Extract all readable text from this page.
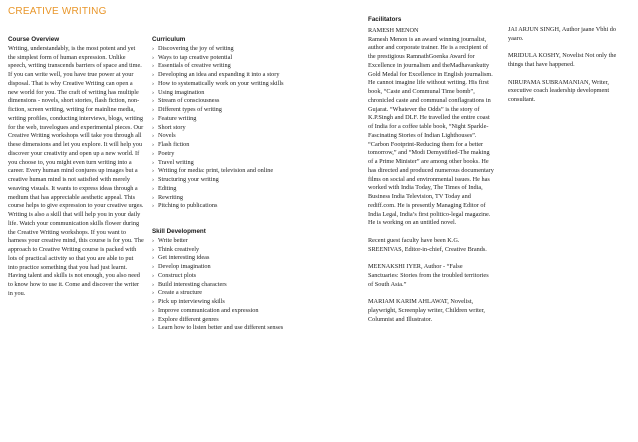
CREATIVE WRITING
Course Overview

Writing, understandably, is the most potent and yet the simplest form of human expression. Unlike speech, writing transcends barriers of space and time. If you can write well, you have true power at your disposal. That is why Creative Writing can open a new world for you. The craft of writing has multiple dimensions - novels, short stories, flash fiction, non-fiction, screen writing, writing for mainline media, writing profiles, conducting interviews, blogs, writing for the web, travelogues and experimental pieces. Our Creative Writing workshops will take you through all these dimensions and let you explore. It will help you discover your creativity and open up a new world. If you choose to, you might even turn writing into a career. Every human mind conjures up images but a creative human mind is not satisfied with merely weaving visuals. It wants to express ideas through a medium that has appreciable aesthetic appeal. This course helps to give expression to your creative urges. Writing is also a skill that will help you in your daily life. Watch your communication skills flower during the Creative Writing workshops. If you want to harness your creative mind, this course is for you. The approach to Creative Writing course is packed with lots of practical activity so that you are able to put into practice something that you had just learnt. Having talent and skills is not enough, you also need to know how to use it. Come and discover the writer in you.

Curriculum
› Discovering the joy of writing
› Ways to tap creative potential
› Essentials of creative writing
› Developing an idea and expanding it into a story
› How to systematically work on your writing skills
› Using imagination
› Stream of consciousness
› Different types of writing
› Feature writing
› Short story
› Novels
› Flash fiction
› Poetry
› Travel writing
› Writing for media: print, television and online
› Structuring your writing
› Editing
› Rewriting
› Pitching to publications
Skill Development
› Write better
› Think creatively
› Get interesting ideas
› Develop imagination
› Construct plots
› Build interesting characters
› Create a structure
› Pick up interviewing skills
› Improve communication and expression
› Explore different genres
› Learn how to listen better and use different senses
Facilitators
RAMESH MENON

Ramesh Menon is an award winning journalist, author and corporate trainer. He is a recipient of the prestigious RamnathGoenka Award for Excellence in journalism and theMadhavankutty Gold Medal for Excellence in English journalism. He cannot imagine life without writing. His first book, “Caste and Communal Time bomb”, chronicled caste and communal conflagrations in Gujarat. “Whatever the Odds” is the story of K.P.Singh and DLF. He travelled the entire coast of India for a coffee table book, “Night Sparkle-Fascinating Stories of Indian Lighthouses”. “Carbon Footprint-Reducing them for a better tomorrow,” and “Modi Demystified-The making of a Prime Minister” are among other books. He has directed and produced numerous documentary films on social and environmental issues. He has worked with India Today, The Times of India, Business India Television, TV Today and rediff.com. He is presently Managing Editor of India Legal, India’s first politico-legal magazine. He is working on an untitled novel.

Recent guest faculty have been K.G. SREENIVAS, Editor-in-chief, Creative Brands.

MEENAKSHI IYER, Author - “False Sanctuaries: Stories from the troubled territories of South Asia.”

MARIAM KARIM AHLAWAT, Novelist, playwright, Screenplay writer, Children writer, Columnist and Illustrator.

JAI ARJUN SINGH, Author jaane Vbhi do yaaro.

MRIDULA KOSHY, Novelist Not only the things that have happened.

NIRUPAMA SUBRAMANIAN, Writer, executive coach leadership development consultant.
